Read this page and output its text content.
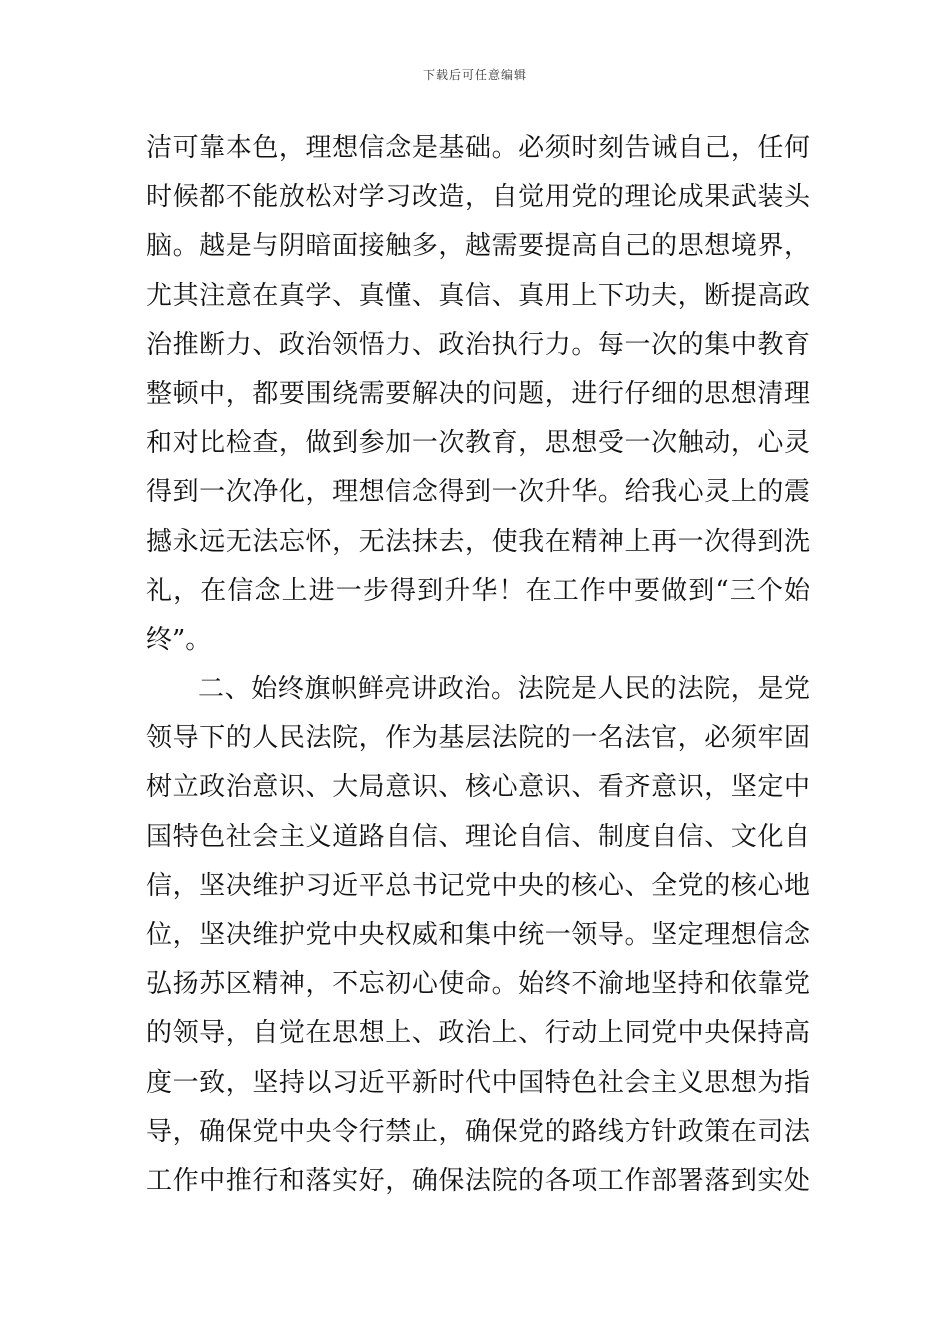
下载后可任意编辑
洁可靠本色，理想信念是基础。必须时刻告诫自己，任何
时候都不能放松对学习改造，自觉用党的理论成果武装头
脑。越是与阴暗面接触多，越需要提高自己的思想境界，
尤其注意在真学、真懂、真信、真用上下功夫，断提高政
治推断力、政治领悟力、政治执行力。每一次的集中教育
整顿中，都要围绕需要解决的问题，进行仔细的思想清理
和对比检查，做到参加一次教育，思想受一次触动，心灵
得到一次净化，理想信念得到一次升华。给我心灵上的震
撼永远无法忘怀，无法抹去，使我在精神上再一次得到洗
礼，在信念上进一步得到升华！在工作中要做到“三个始
终”。
二、始终旗帜鲜亮讲政治。法院是人民的法院，是党
领导下的人民法院，作为基层法院的一名法官，必须牢固
树立政治意识、大局意识、核心意识、看齐意识，坚定中
国特色社会主义道路自信、理论自信、制度自信、文化自
信，坚决维护习近平总书记党中央的核心、全党的核心地
位，坚决维护党中央权威和集中统一领导。坚定理想信念
弘扬苏区精神，不忘初心使命。始终不渝地坚持和依靠党
的领导，自觉在思想上、政治上、行动上同党中央保持高
度一致，坚持以习近平新时代中国特色社会主义思想为指
导，确保党中央令行禁止，确保党的路线方针政策在司法
工作中推行和落实好，确保法院的各项工作部署落到实处
